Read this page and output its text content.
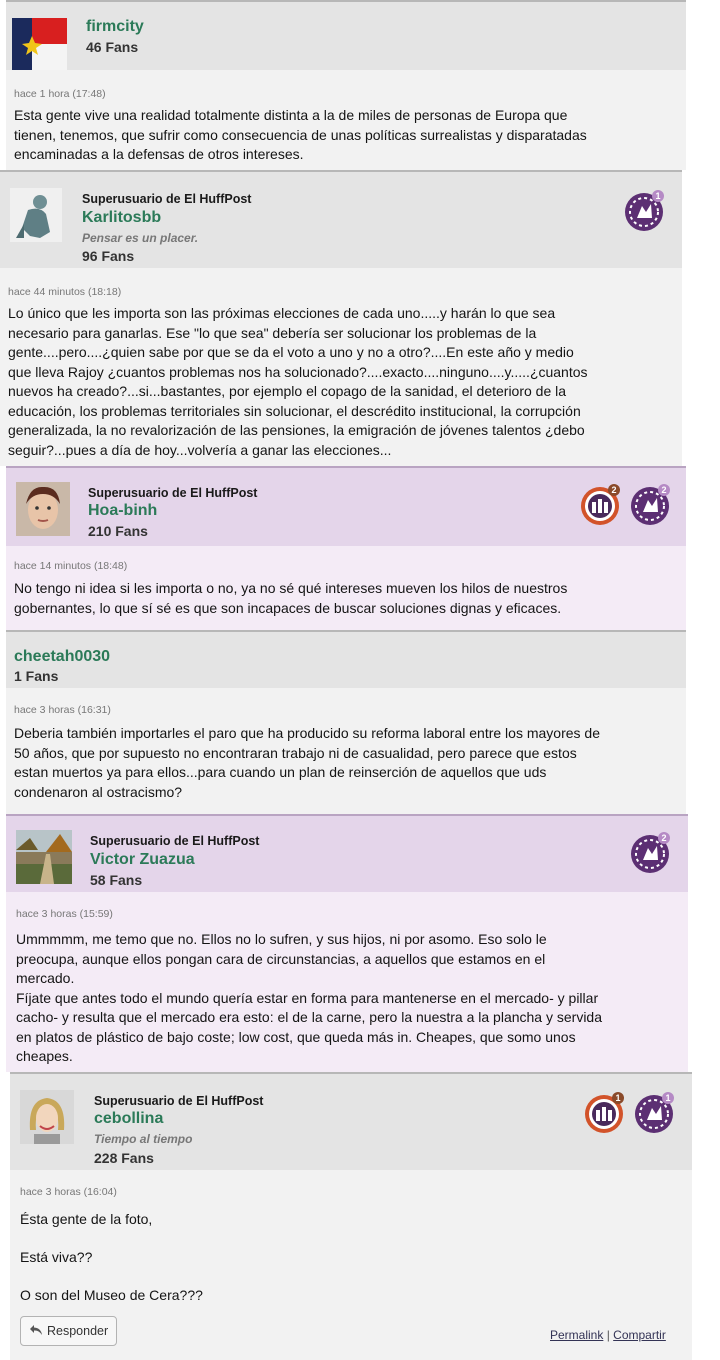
firmcity
46 Fans
hace 1 hora (17:48)
Esta gente vive una realidad totalmente distinta a la de miles de personas de Europa que
tienen, tenemos, que sufrir como consecuencia de unas políticas surrealistas y disparatadas
encaminadas a la defensas de otros intereses.
Superusuario de El HuffPost
Karlitosbb
Pensar es un placer.
96 Fans
1
hace 44 minutos (18:18)
Lo único que les importa son las próximas elecciones de cada uno.....y harán lo que sea
necesario para ganarlas. Ese "lo que sea" debería ser solucionar los problemas de la
gente....pero....¿quien sabe por que se da el voto a uno y no a otro?....En este año y medio
que lleva Rajoy ¿cuantos problemas nos ha solucionado?....exacto....ninguno....y.....¿cuantos
nuevos ha creado?...si...bastantes, por ejemplo el copago de la sanidad, el deterioro de la
educación, los problemas territoriales sin solucionar, el descrédito institucional, la corrupción
generalizada, la no revalorización de las pensiones, la emigración de jóvenes talentos ¿debo
seguir?...pues a día de hoy...volvería a ganar las elecciones...
Superusuario de El HuffPost
Hoa-binh
210 Fans
2	2
hace 14 minutos (18:48)
No tengo ni idea si les importa o no, ya no sé qué intereses mueven los hilos de nuestros
gobernantes, lo que sí sé es que son incapaces de buscar soluciones dignas y eficaces.
cheetah0030
1 Fans
hace 3 horas (16:31)
Deberia también importarles el paro que ha producido su reforma laboral entre los mayores de
50 años, que por supuesto no encontraran trabajo ni de casualidad, pero parece que estos
estan muertos ya para ellos...para cuando un plan de reinserción de aquellos que uds
condenaron al ostracismo?
Superusuario de El HuffPost
Victor Zuazua
58 Fans
2
hace 3 horas (15:59)
Ummmmm, me temo que no. Ellos no lo sufren, y sus hijos, ni por asomo. Eso solo le
preocupa, aunque ellos pongan cara de circunstancias, a aquellos que estamos en el
mercado.
Fíjate que antes todo el mundo quería estar en forma para mantenerse en el mercado- y pillar
cacho- y resulta que el mercado era esto: el de la carne, pero la nuestra a la plancha y servida
en platos de plástico de bajo coste; low cost, que queda más in. Cheapes, que somo unos
cheapes.
Superusuario de El HuffPost
cebollina
Tiempo al tiempo
228 Fans
1	1
hace 3 horas (16:04)
Ésta gente de la foto,
Está viva??
O son del Museo de Cera???
Responder	Permalink | Compartir
